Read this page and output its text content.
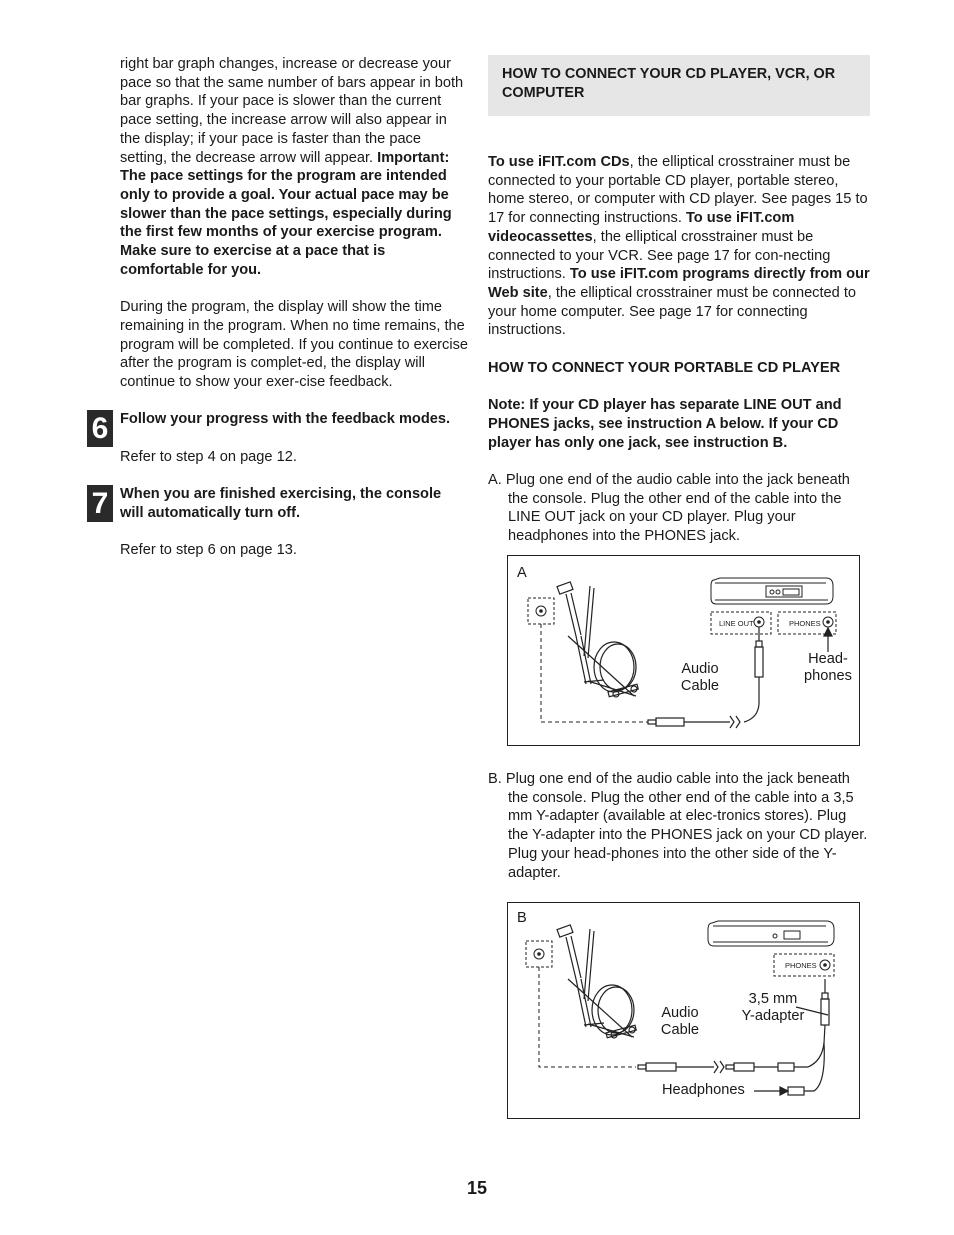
right bar graph changes, increase or decrease your pace so that the same number of bars appear in both bar graphs. If your pace is slower than the current pace setting, the increase arrow will also appear in the display; if your pace is faster than the pace setting, the decrease arrow will appear. Important: The pace settings for the program are intended only to provide a goal. Your actual pace may be slower than the pace settings, especially during the first few months of your exercise program. Make sure to exercise at a pace that is comfortable for you.

During the program, the display will show the time remaining in the program. When no time remains, the program will be completed. If you continue to exercise after the program is complet-ed, the display will continue to show your exer-cise feedback.

6 Follow your progress with the feedback modes.

Refer to step 4 on page 12.

7 When you are finished exercising, the console will automatically turn off.

Refer to step 6 on page 13.

HOW TO CONNECT YOUR CD PLAYER, VCR, OR COMPUTER

To use iFIT.com CDs, the elliptical crosstrainer must be connected to your portable CD player, portable stereo, home stereo, or computer with CD player. See pages 15 to 17 for connecting instructions. To use iFIT.com videocassettes, the elliptical crosstrainer must be connected to your VCR. See page 17 for con-necting instructions. To use iFIT.com programs directly from our Web site, the elliptical crosstrainer must be connected to your home computer. See page 17 for connecting instructions.

HOW TO CONNECT YOUR PORTABLE CD PLAYER

Note: If your CD player has separate LINE OUT and PHONES jacks, see instruction A below. If your CD player has only one jack, see instruction B.

A. Plug one end of the audio cable into the jack beneath the console. Plug the other end of the cable into the LINE OUT jack on your CD player. Plug your headphones into the PHONES jack.

LINE OUT	PHONES
A
Audio
Cable
Head-
phones

B. Plug one end of the audio cable into the jack beneath the console. Plug the other end of the cable into a 3,5 mm Y-adapter (available at elec-tronics stores). Plug the Y-adapter into the PHONES jack on your CD player. Plug your head-phones into the other side of the Y-adapter.

PHONES
B
Audio
Cable
3,5 mm
Y-adapter
Headphones
15
